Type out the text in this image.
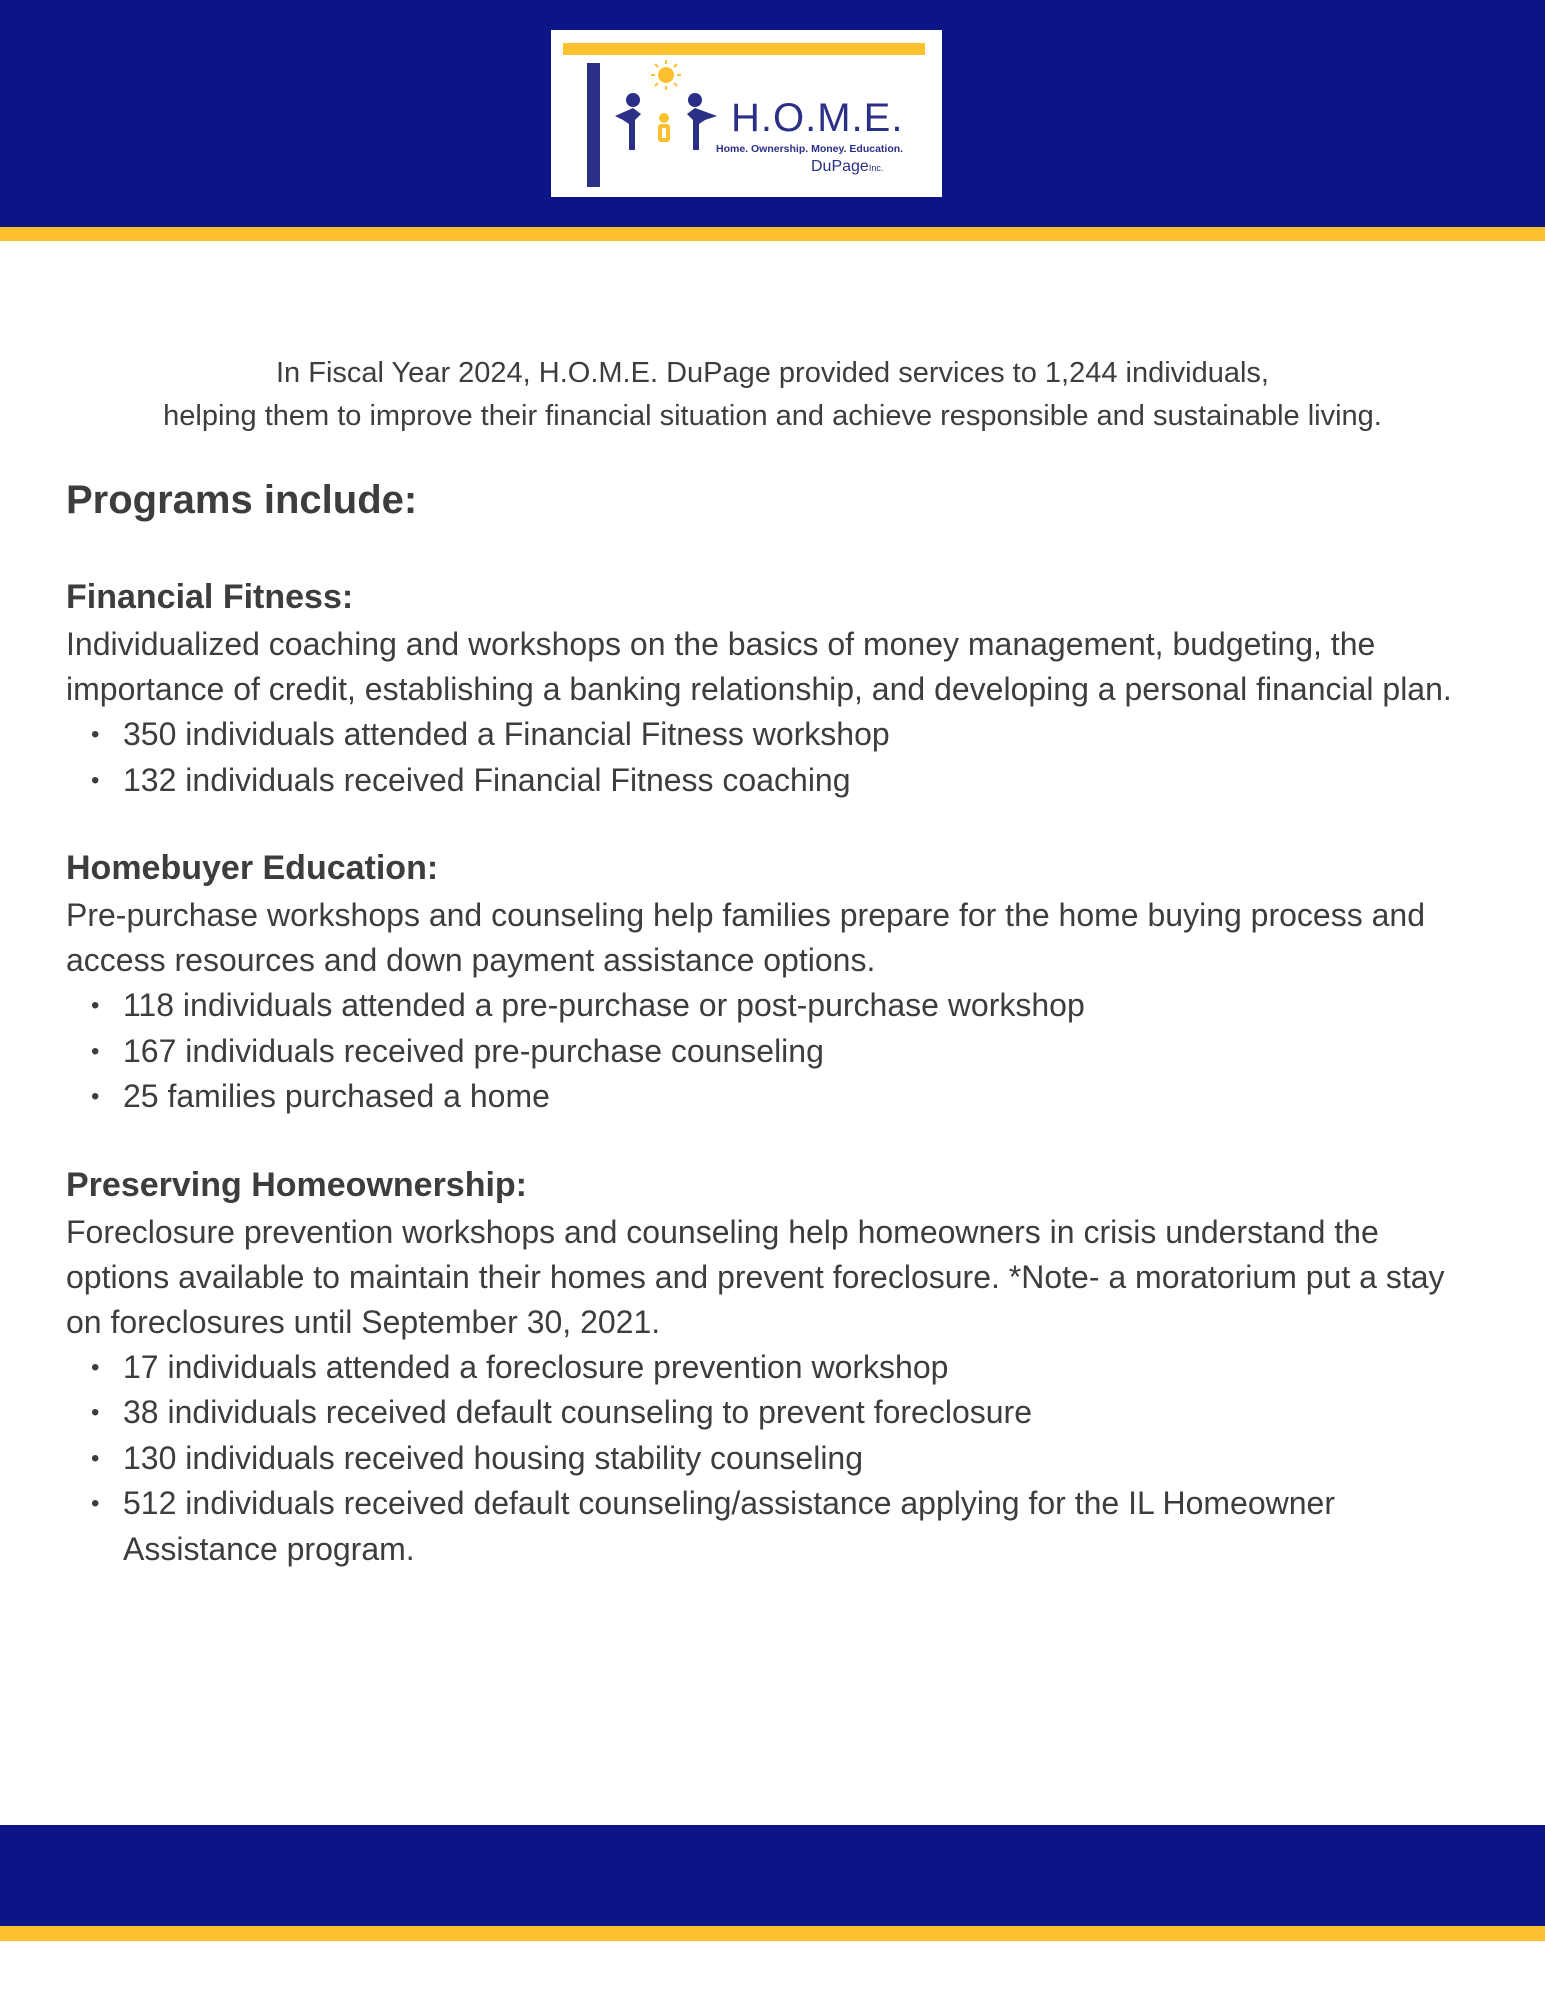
H.O.M.E.
Home. Ownership. Money. Education.
DuPageInc.
In Fiscal Year 2024, H.O.M.E. DuPage provided services to 1,244 individuals,
helping them to improve their financial situation and achieve responsible and sustainable living.
Programs include:
Financial Fitness:
Individualized coaching and workshops on the basics of money management, budgeting, the importance of credit, establishing a banking relationship, and developing a personal financial plan.
• 350 individuals attended a Financial Fitness workshop
• 132 individuals received Financial Fitness coaching
Homebuyer Education:
Pre-purchase workshops and counseling help families prepare for the home buying process and access resources and down payment assistance options.
• 118 individuals attended a pre-purchase or post-purchase workshop
• 167 individuals received pre-purchase counseling
• 25 families purchased a home
Preserving Homeownership:
Foreclosure prevention workshops and counseling help homeowners in crisis understand the options available to maintain their homes and prevent foreclosure. *Note- a moratorium put a stay on foreclosures until September 30, 2021.
• 17 individuals attended a foreclosure prevention workshop
• 38 individuals received default counseling to prevent foreclosure
• 130 individuals received housing stability counseling
• 512 individuals received default counseling/assistance applying for the IL Homeowner Assistance program.
